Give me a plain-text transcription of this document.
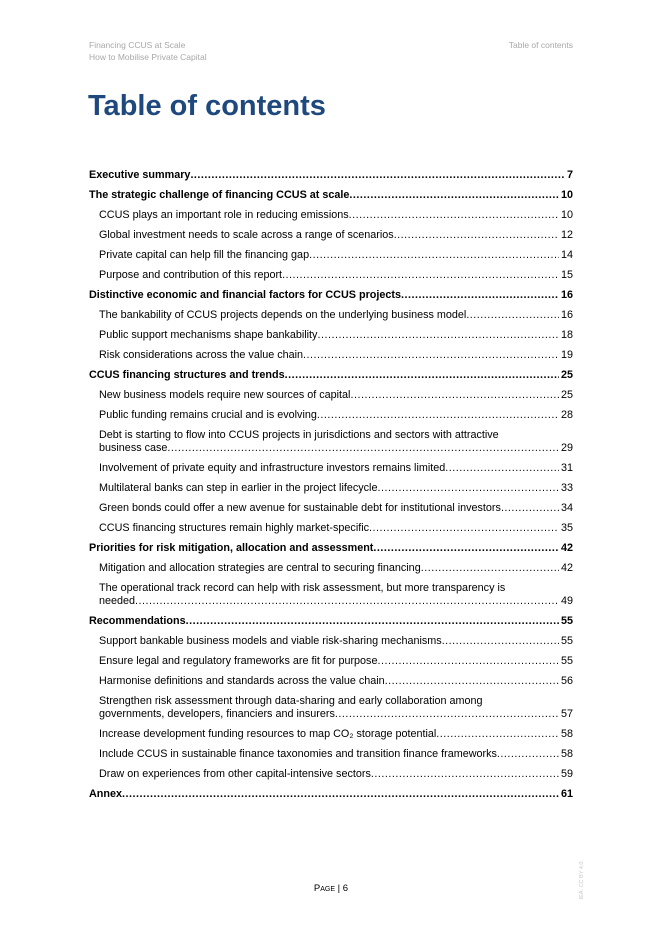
Financing CCUS at Scale
How to Mobilise Private Capital
Table of contents
Table of contents
Executive summary .....	7
The strategic challenge of financing CCUS at scale .....	10
CCUS plays an important role in reducing emissions .....	10
Global investment needs to scale across a range of scenarios .....	12
Private capital can help fill the financing gap .....	14
Purpose and contribution of this report .....	15
Distinctive economic and financial factors for CCUS projects .....	16
The bankability of CCUS projects depends on the underlying business model .....	16
Public support mechanisms shape bankability .....	18
Risk considerations across the value chain .....	19
CCUS financing structures and trends .....	25
New business models require new sources of capital .....	25
Public funding remains crucial and is evolving .....	28
Debt is starting to flow into CCUS projects in jurisdictions and sectors with attractive
business case .....	29
Involvement of private equity and infrastructure investors remains limited .....	31
Multilateral banks can step in earlier in the project lifecycle .....	33
Green bonds could offer a new avenue for sustainable debt for institutional investors .....	34
CCUS financing structures remain highly market-specific .....	35
Priorities for risk mitigation, allocation and assessment .....	42
Mitigation and allocation strategies are central to securing financing .....	42
The operational track record can help with risk assessment, but more transparency is
needed .....	49
Recommendations .....	55
Support bankable business models and viable risk-sharing mechanisms .....	55
Ensure legal and regulatory frameworks are fit for purpose .....	55
Harmonise definitions and standards across the value chain .....	56
Strengthen risk assessment through data-sharing and early collaboration among
governments, developers, financiers and insurers .....	57
Increase development funding resources to map CO₂ storage potential .....	58
Include CCUS in sustainable finance taxonomies and transition finance frameworks .....	58
Draw on experiences from other capital-intensive sectors .....	59
Annex .....	61
Page | 6	IEA. CC BY 4.0.
